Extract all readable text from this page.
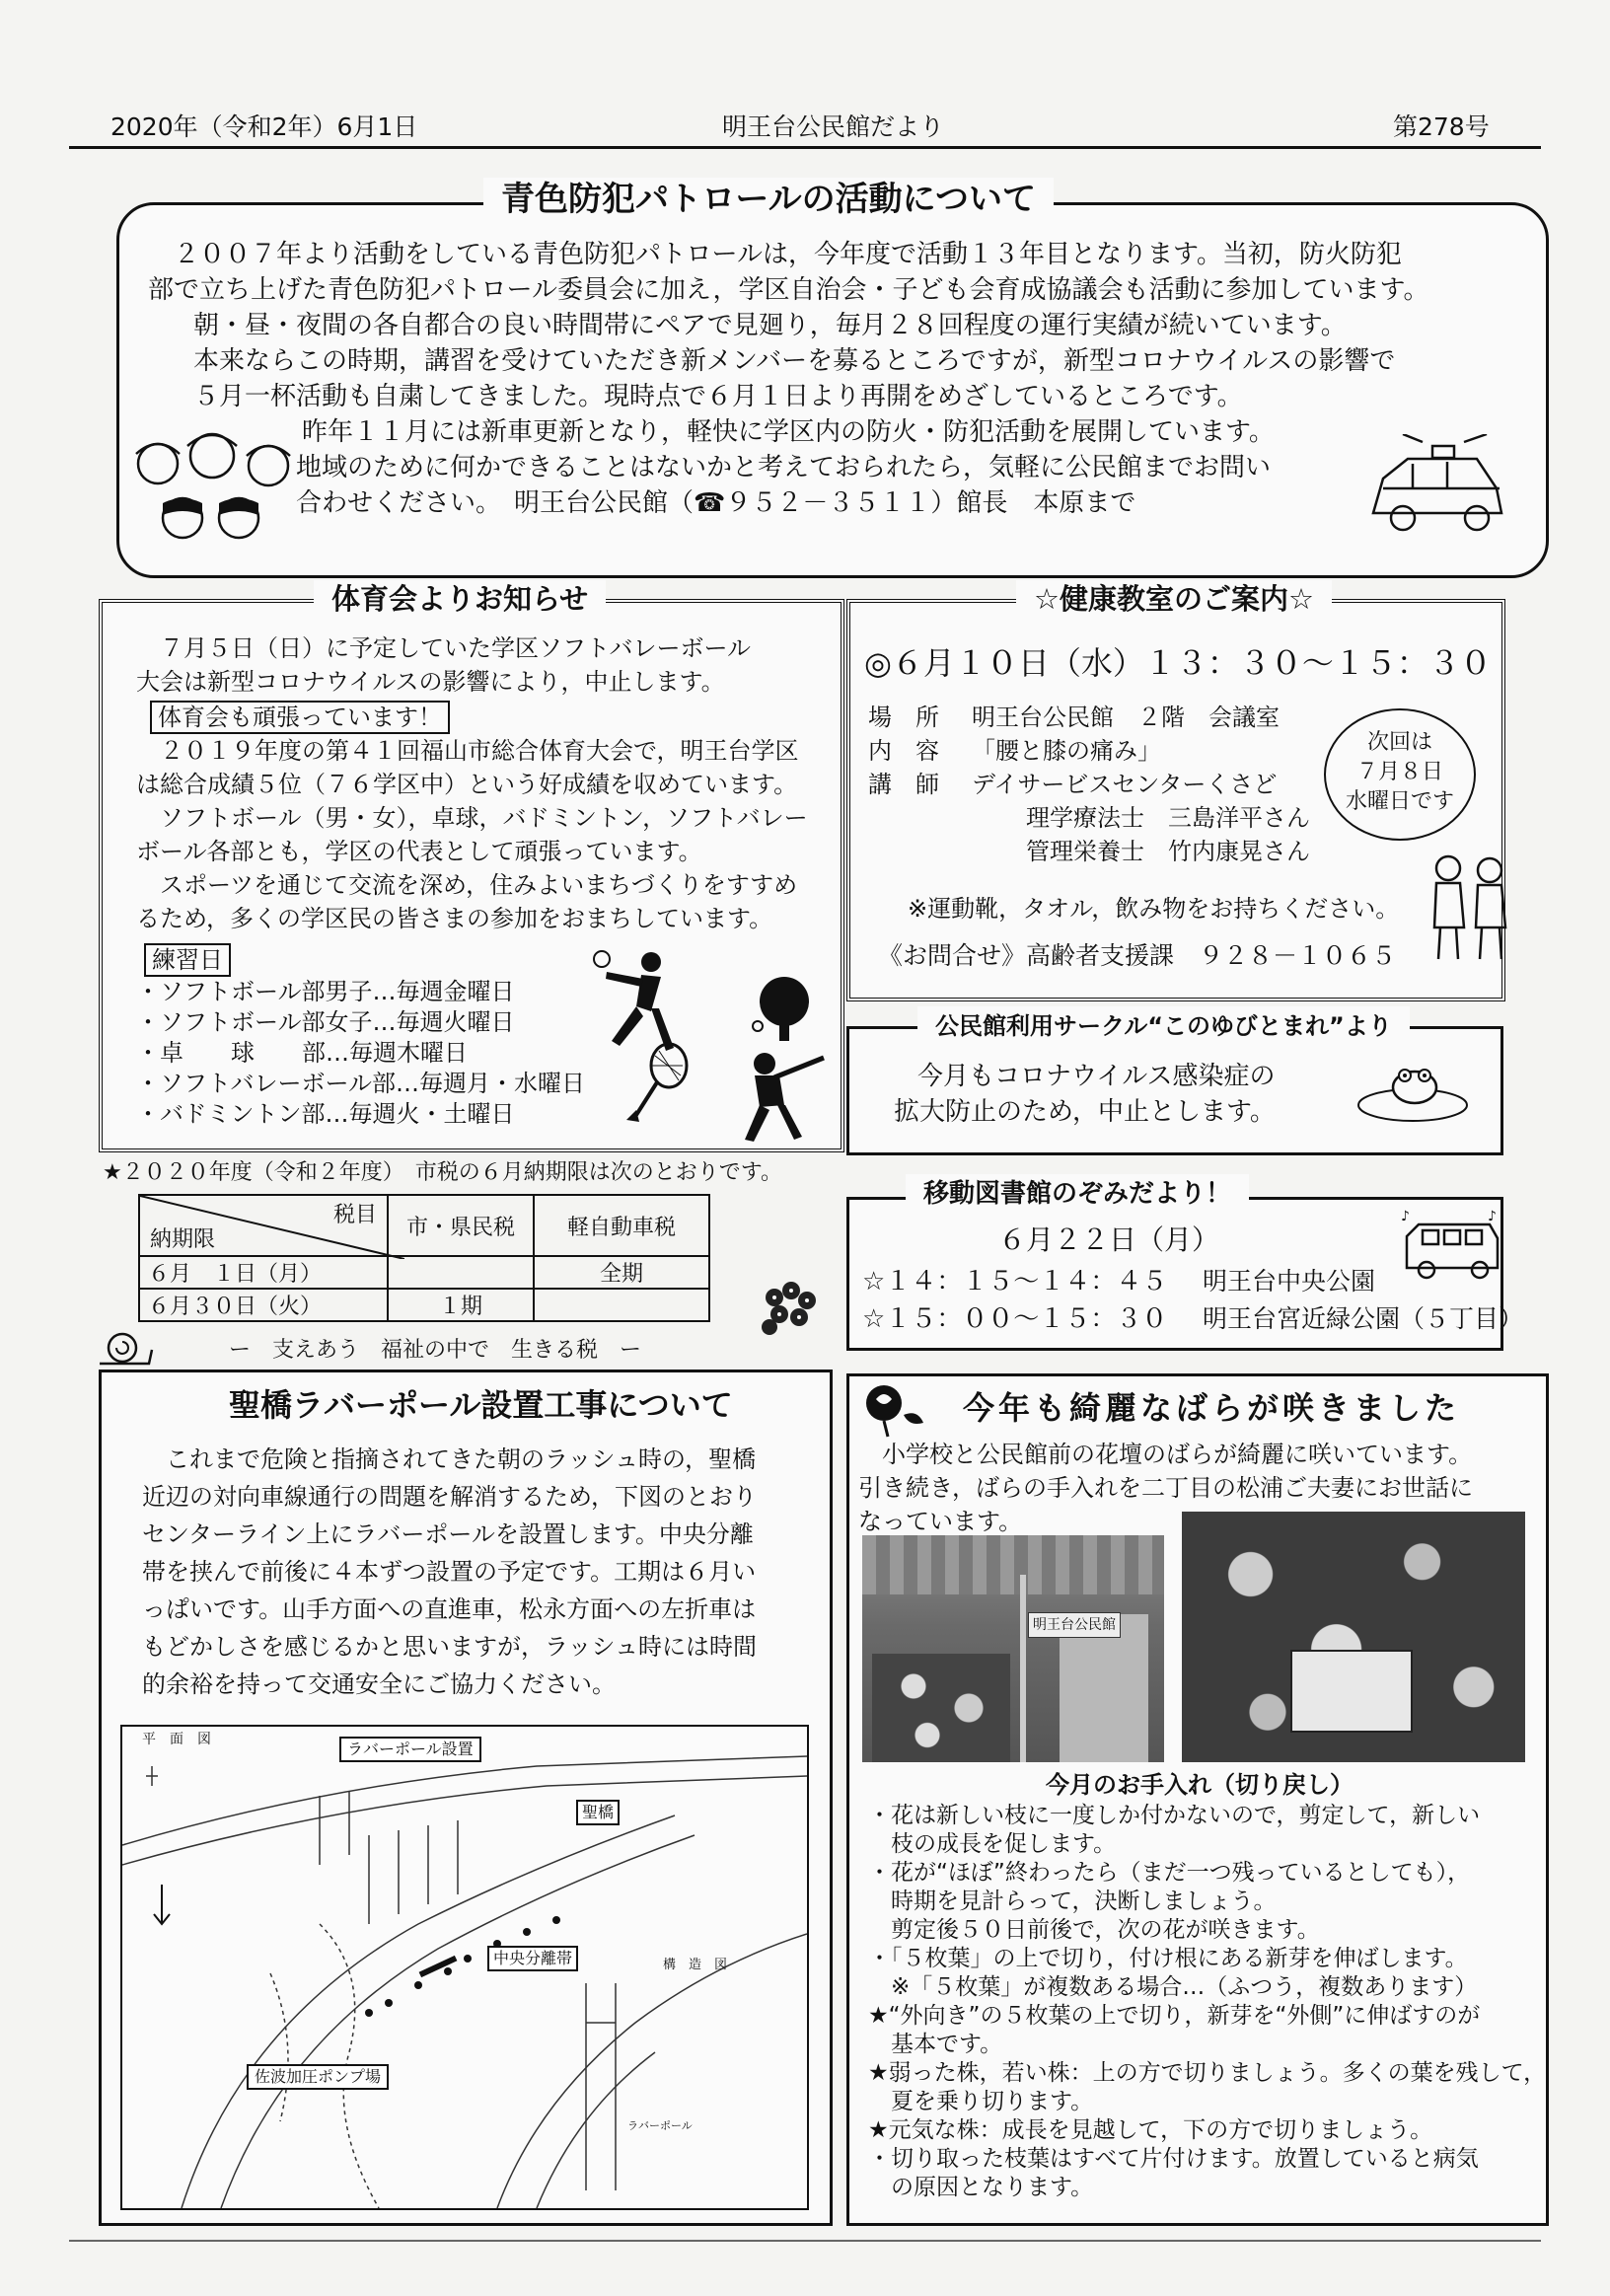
2020年（令和2年）6月1日	明王台公民館だより	第278号
青色防犯パトロールの活動について

　２００７年より活動をしている青色防犯パトロールは，今年度で活動１３年目となります。当初，防火防犯

部で立ち上げた青色防犯パトロール委員会に加え，学区自治会・子ども会育成協議会も活動に参加しています。

朝・昼・夜間の各自都合の良い時間帯にペアで見廻り，毎月２８回程度の運行実績が続いています。

本来ならこの時期，講習を受けていただき新メンバーを募るところですが，新型コロナウイルスの影響で

５月一杯活動も自粛してきました。現時点で６月１日より再開をめざしているところです。

　昨年１１月には新車更新となり，軽快に学区内の防火・防犯活動を展開しています。

地域のために何かできることはないかと考えておられたら，気軽に公民館までお問い

合わせください。　明王台公民館（☎９５２－３５１１）館長　本原まで

体育会よりお知らせ
　７月５日（日）に予定していた学区ソフトバレーボール
大会は新型コロナウイルスの影響により，中止します。
体育会も頑張っています！
　２０１９年度の第４１回福山市総合体育大会で，明王台学区
は総合成績５位（７６学区中）という好成績を収めています。
　ソフトボール（男・女），卓球，バドミントン，ソフトバレー
ボール各部とも，学区の代表として頑張っています。
　スポーツを通じて交流を深め，住みよいまちづくりをすすめ
るため，多くの学区民の皆さまの参加をおまちしています。
練習日
・ソフトボール部男子…毎週金曜日
・ソフトボール部女子…毎週火曜日
・卓　　球　　部…毎週木曜日
・ソフトバレーボール部…毎週月・水曜日
・バドミントン部…毎週火・土曜日
★２０２０年度（令和２年度）　市税の６月納期限は次のとおりです。
税目
納期限	市・県民税	軽自動車税
６月　１日（月）		全期
６月３０日（火）	１期	
ー　支えあう　福祉の中で　生きる税　ー
☆健康教室のご案内☆
◎６月１０日（水）１３：３０～１５：３０
場　所 明王台公民館　２階　会議室
内　容 「腰と膝の痛み」
講　師 デイサービスセンターくさど
理学療法士　三島洋平さん
管理栄養士　竹内康晃さん
次回は
７月８日
水曜日です
※運動靴，タオル，飲み物をお持ちください。
《お問合せ》高齢者支援課　９２８－１０６５
公民館利用サークル“このゆびとまれ”より
今月もコロナウイルス感染症の
拡大防止のため，中止とします。
移動図書館のぞみだより！
６月２２日（月）
☆１４：１５～１４：４５	明王台中央公園
☆１５：００～１５：３０	明王台宮近緑公園（５丁目）
♪	♪
聖橋ラバーポール設置工事について
　これまで危険と指摘されてきた朝のラッシュ時の，聖橋
近辺の対向車線通行の問題を解消するため，下図のとおり
センターライン上にラバーポールを設置します。中央分離
帯を挟んで前後に４本ずつ設置の予定です。工期は６月い
っぱいです。山手方面への直進車，松永方面への左折車は
もどかしさを感じるかと思いますが，ラッシュ時には時間
的余裕を持って交通安全にご協力ください。
平　面　図	ラバーポール設置
聖橋
中央分離帯
佐波加圧ポンプ場
構　造　図
ラバーポール
今年も綺麗なばらが咲きました
　小学校と公民館前の花壇のばらが綺麗に咲いています。
引き続き，ばらの手入れを二丁目の松浦ご夫妻にお世話に
なっています。
明王台公民館
今月のお手入れ（切り戻し）
・花は新しい枝に一度しか付かないので，剪定して，新しい
　枝の成長を促します。
・花が“ほぼ”終わったら（まだ一つ残っているとしても），
　時期を見計らって，決断しましょう。
　剪定後５０日前後で，次の花が咲きます。
・「５枚葉」の上で切り，付け根にある新芽を伸ばします。
　※「５枚葉」が複数ある場合…（ふつう，複数あります）
★“外向き”の５枚葉の上で切り，新芽を“外側”に伸ばすのが
　基本です。
★弱った株，若い株：上の方で切りましょう。多くの葉を残して，
　夏を乗り切ります。
★元気な株：成長を見越して，下の方で切りましょう。
・切り取った枝葉はすべて片付けます。放置していると病気
　の原因となります。
